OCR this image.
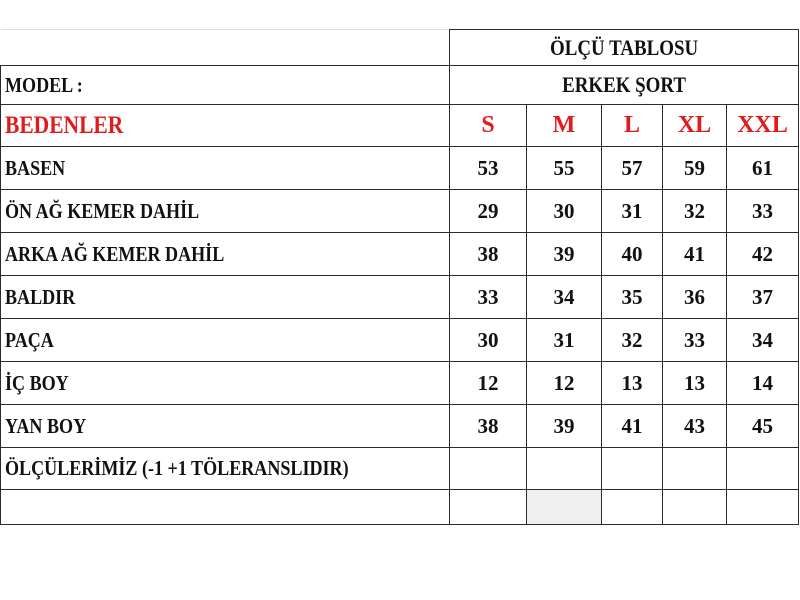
	ÖLÇÜ TABLOSU				
MODEL :	ERKEK ŞORT				
BEDENLER	S	M	L	XL	XXL
BASEN	53	55	57	59	61
ÖN AĞ KEMER DAHİL	29	30	31	32	33
ARKA AĞ KEMER DAHİL	38	39	40	41	42
BALDIR	33	34	35	36	37
PAÇA	30	31	32	33	34
İÇ BOY	12	12	13	13	14
YAN BOY	38	39	41	43	45
ÖLÇÜLERİMİZ (-1 +1 TÖLERANSLIDIR)					
